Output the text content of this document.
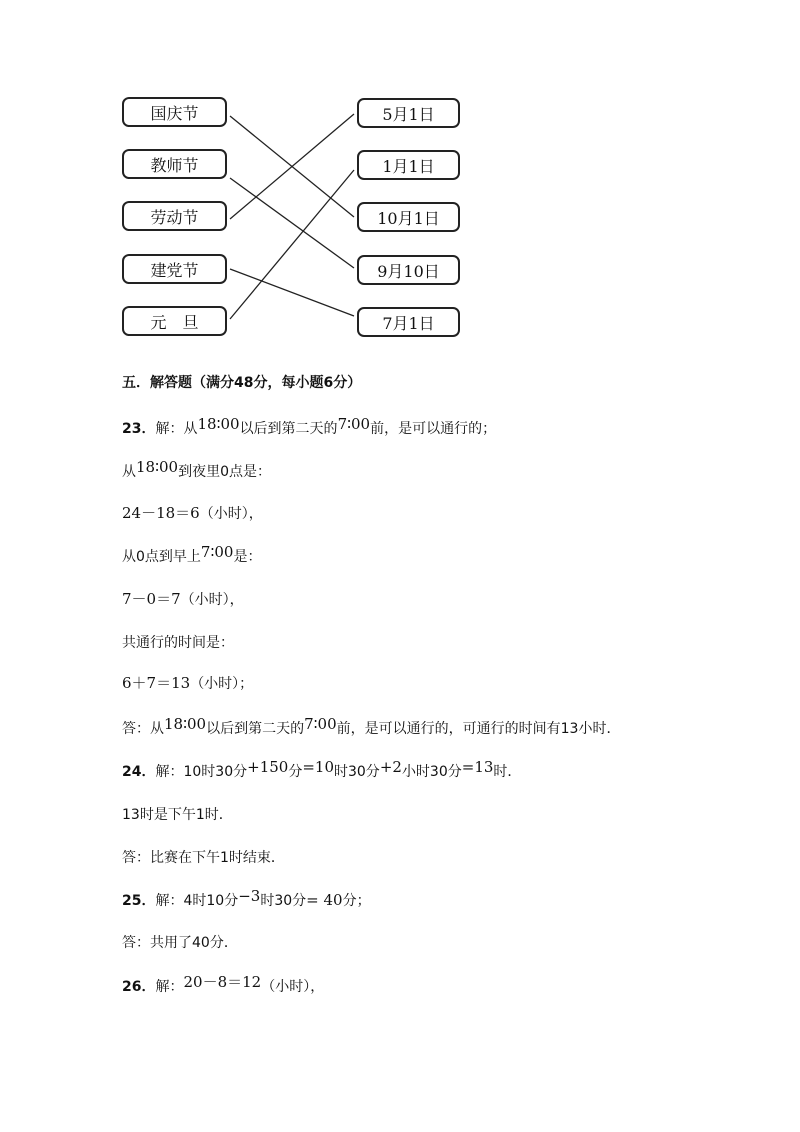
国庆节
教师节
劳动节
建党节
元　旦
5月1日
1月1日
10月1日
9月10日
7月1日
五．解答题（满分48分，每小题6分）
23．解：从18∶00以后到第二天的7∶00前，是可以通行的；
从18∶00到夜里0点是：
24－18＝6（小时），
从0点到早上7∶00是：
7－0＝7（小时），
共通行的时间是：
6＋7＝13（小时）；
答：从18∶00以后到第二天的7∶00前，是可以通行的，可通行的时间有13小时．
24．解：10时30分+150分=10时30分+2小时30分=13时．
13时是下午1时．
答：比赛在下午1时结束．
25．解：4时10分−3时30分= 40分；
答：共用了40分．
26．解：20－8＝12（小时），
